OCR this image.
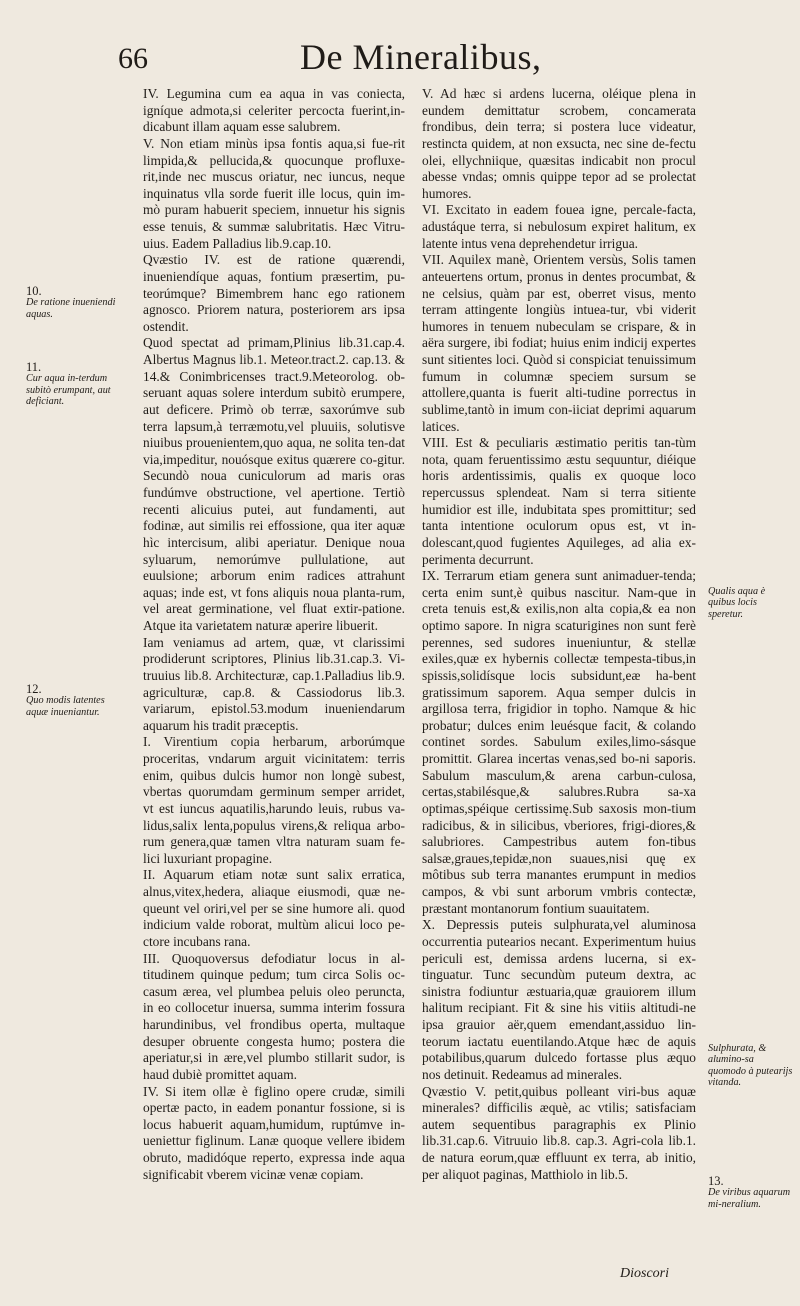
66	De Mineralibus,

IV. Legumina cum ea aqua in vas coniecta, igníque admota,si celeriter percocta fuerint,in-dicabunt illam aquam esse salubrem.

V. Non etiam minùs ipsa fontis aqua,si fue-rit limpida,& pellucida,& quocunque profluxe-rit,inde nec muscus oriatur, nec iuncus, neque inquinatus vlla sorde fuerit ille locus, quin im-mò puram habuerit speciem, innuetur his signis esse tenuis, & summæ salubritatis. Hæc Vitru-uius. Eadem Palladius lib.9.cap.10.

Qvæstio IV. est de ratione quærendi, inueniendíque aquas, fontium præsertim, pu-teorúmque? Bimembrem hanc ego rationem agnosco. Priorem natura, posteriorem ars ipsa ostendit.

Quod spectat ad primam,Plinius lib.31.cap.4. Albertus Magnus lib.1. Meteor.tract.2. cap.13. & 14.& Conimbricenses tract.9.Meteorolog. ob-seruant aquas solere interdum subitò erumpere, aut deficere. Primò ob terræ, saxorúmve sub terra lapsum,à terræmotu,vel pluuiis, solutisve niuibus prouenientem,quo aqua, ne solita ten-dat via,impeditur, nouósque exitus quærere co-gitur. Secundò noua cuniculorum ad maris oras fundúmve obstructione, vel apertione. Tertiò recenti alicuius putei, aut fundamenti, aut fodinæ, aut similis rei effossione, qua iter aquæ hìc intercisum, alibi aperiatur. Denique noua syluarum, nemorúmve pullulatione, aut euulsione; arborum enim radices attrahunt aquas; inde est, vt fons aliquis noua planta-rum, vel areat germinatione, vel fluat extir-patione. Atque ita varietatem naturæ aperire libuerit.

Iam veniamus ad artem, quæ, vt clarissimi prodiderunt scriptores, Plinius lib.31.cap.3. Vi-truuius lib.8. Architecturæ, cap.1.Palladius lib.9. agriculturæ, cap.8. & Cassiodorus lib.3. variarum, epistol.53.modum inueniendarum aquarum his tradit præceptis.

I. Virentium copia herbarum, arborúmque proceritas, vndarum arguit vicinitatem: terris enim, quibus dulcis humor non longè subest, vbertas quorumdam germinum semper arridet, vt est iuncus aquatilis,harundo leuis, rubus va-lidus,salix lenta,populus virens,& reliqua arbo-rum genera,quæ tamen vltra naturam suam fe-lici luxuriant propagine.

II. Aquarum etiam notæ sunt salix erratica, alnus,vitex,hedera, aliaque eiusmodi, quæ ne-queunt vel oriri,vel per se sine humore ali. quod indicium valde roborat, multùm alicui loco pe-ctore incubans rana.

III. Quoquoversus defodiatur locus in al-titudinem quinque pedum; tum circa Solis oc-casum ærea, vel plumbea peluis oleo peruncta, in eo collocetur inuersa, summa interim fossura harundinibus, vel frondibus operta, multaque desuper obruente congesta humo; postera die aperiatur,si in ære,vel plumbo stillarit sudor, is haud dubiè promittet aquam.

IV. Si item ollæ è figlino opere crudæ, simili opertæ pacto, in eadem ponantur fossione, si is locus habuerit aquam,humidum, ruptúmve in-ueniettur figlinum. Lanæ quoque vellere ibidem obruto, madidóque reperto, expressa inde aqua significabit vberem vicinæ venæ copiam.

V. Ad hæc si ardens lucerna, oléique plena in eundem demittatur scrobem, concamerata frondibus, dein terra; si postera luce videatur, restincta quidem, at non exsucta, nec sine de-fectu olei, ellychniique, quæsitas indicabit non procul abesse vndas; omnis quippe tepor ad se prolectat humores.

VI. Excitato in eadem fouea igne, percale-facta, adustáque terra, si nebulosum expiret halitum, ex latente intus vena deprehendetur irrigua.

VII. Aquilex manè, Orientem versùs, Solis tamen anteuertens ortum, pronus in dentes procumbat, & ne celsius, quàm par est, oberret visus, mento terram attingente longiùs intuea-tur, vbi viderit humores in tenuem nubeculam se crispare, & in aëra surgere, ibi fodiat; huius enim indicij expertes sunt sitientes loci. Quòd si conspiciat tenuissimum fumum in columnæ speciem sursum se attollere,quanta is fuerit alti-tudine porrectus in sublime,tantò in imum con-iiciat deprimi aquarum latices.

VIII. Est & peculiaris æstimatio peritis tan-tùm nota, quam feruentissimo æstu sequuntur, diéique horis ardentissimis, qualis ex quoque loco repercussus splendeat. Nam si terra sitiente humidior est ille, indubitata spes promittitur; sed tanta intentione oculorum opus est, vt in-dolescant,quod fugientes Aquileges, ad alia ex-perimenta decurrunt.

IX. Terrarum etiam genera sunt animaduer-tenda; certa enim sunt,è quibus nascitur. Nam-que in creta tenuis est,& exilis,non alta copia,& ea non optimo sapore. In nigra scaturigines non sunt ferè perennes, sed sudores inueniuntur, & stellæ exiles,quæ ex hybernis collectæ tempesta-tibus,in spissis,solidísque locis subsidunt,eæ ha-bent gratissimum saporem. Aqua semper dulcis in argillosa terra, frigidior in topho. Namque & hic probatur; dulces enim leuésque facit, & colando continet sordes. Sabulum exiles,limo-sásque promittit. Glarea incertas venas,sed bo-ni saporis. Sabulum masculum,& arena carbun-culosa, certas,stabilésque,& salubres.Rubra sa-xa optimas,spéique certissimę.Sub saxosis mon-tium radicibus, & in silicibus, vberiores, frigi-diores,& salubriores. Campestribus autem fon-tibus salsæ,graues,tepidæ,non suaues,nisi quę ex môtibus sub terra manantes erumpunt in medios campos, & vbi sunt arborum vmbris contectæ, præstant montanorum fontium suauitatem.

X. Depressis puteis sulphurata,vel aluminosa occurrentia putearios necant. Experimentum huius periculi est, demissa ardens lucerna, si ex-tinguatur. Tunc secundùm puteum dextra, ac sinistra fodiuntur æstuaria,quæ grauiorem illum halitum recipiant. Fit & sine his vitiis altitudi-ne ipsa grauior aër,quem emendant,assiduo lin-teorum iactatu euentilando.Atque hæc de aquis potabilibus,quarum dulcedo fortasse plus æquo nos detinuit. Redeamus ad minerales.

Qvæstio V. petit,quibus polleant viri-bus aquæ minerales? difficilis æquè, ac vtilis; satisfaciam autem sequentibus paragraphis ex Plinio lib.31.cap.6. Vitruuio lib.8. cap.3. Agri-cola lib.1. de natura eorum,quæ effluunt ex terra, ab initio, per aliquot paginas, Matthiolo in lib.5.

10.
De ratione inueniendi aquas.
11.
Cur aqua in-terdum subitò erumpant, aut deficiant.
12.
Quo modis latentes aquæ inueniantur.
Qualis aqua è quibus locis speretur.
Sulphurata, & alumino-sa quomodo à putearijs vitanda.
13.
De viribus aquarum mi-neralium.
Dioscori
